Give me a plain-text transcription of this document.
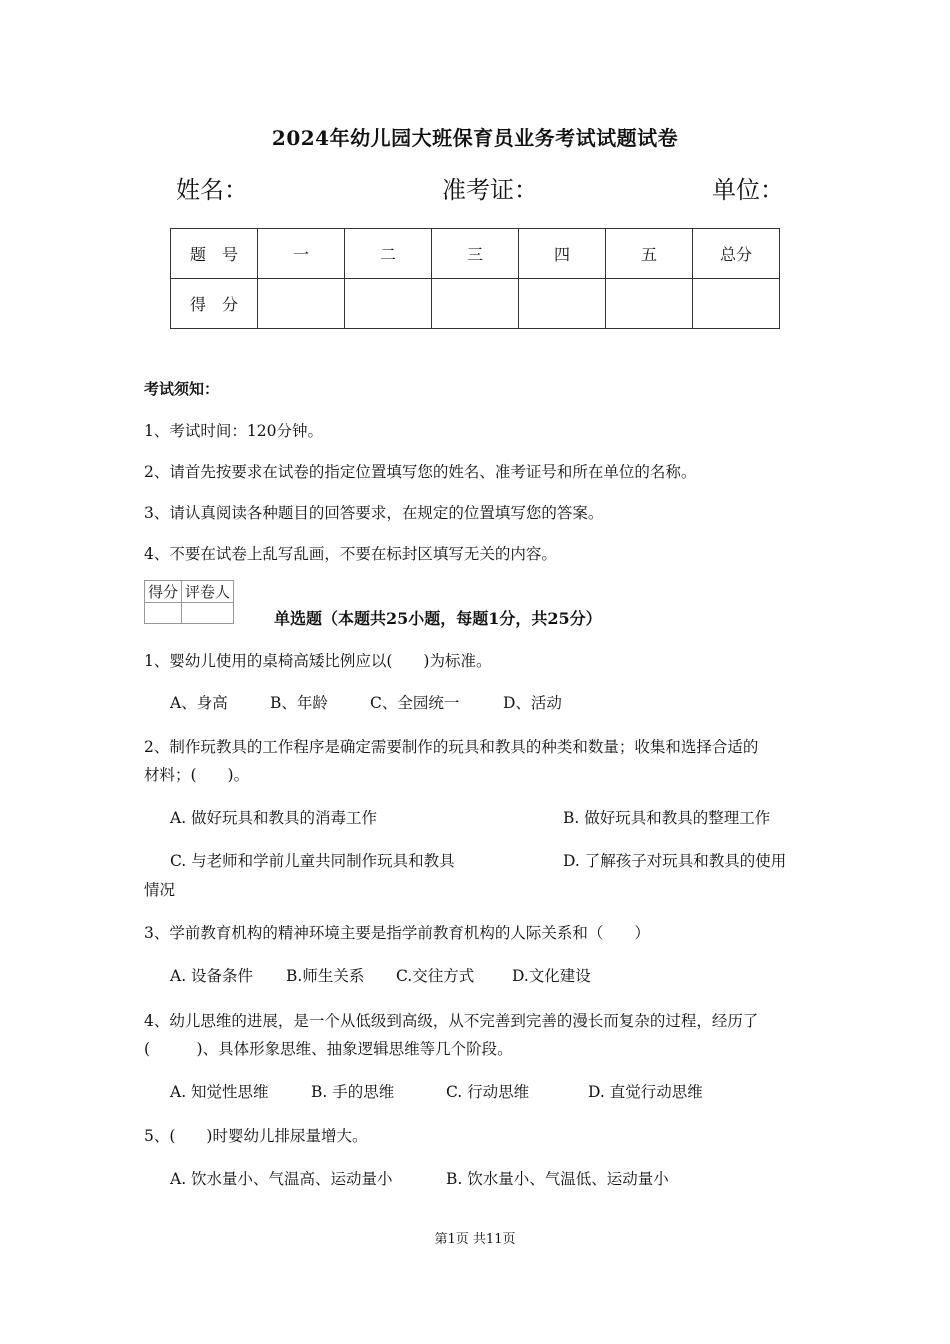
2024年幼儿园大班保育员业务考试试题试卷
姓名：	准考证：	单位：
题　号	一	二	三	四	五	总分
得　分						
考试须知：
1、考试时间：120分钟。
2、请首先按要求在试卷的指定位置填写您的姓名、准考证号和所在单位的名称。
3、请认真阅读各种题目的回答要求，在规定的位置填写您的答案。
4、不要在试卷上乱写乱画，不要在标封区填写无关的内容。
得分	评卷人

单选题（本题共25小题，每题1分，共25分）
1、婴幼儿使用的桌椅高矮比例应以(　　)为标准。
A、身高	B、年龄	C、全园统一	D、活动
2、制作玩教具的工作程序是确定需要制作的玩具和教具的种类和数量；收集和选择合适的
材料；(　　)。
A. 做好玩具和教具的消毒工作	B. 做好玩具和教具的整理工作
C. 与老师和学前儿童共同制作玩具和教具	D. 了解孩子对玩具和教具的使用
情况
3、学前教育机构的精神环境主要是指学前教育机构的人际关系和（　　）
A. 设备条件 B.师生关系 C.交往方式 D.文化建设
4、幼儿思维的进展，是一个从低级到高级，从不完善到完善的漫长而复杂的过程，经历了
(　　　)、具体形象思维、抽象逻辑思维等几个阶段。
A. 知觉性思维	B. 手的思维	C. 行动思维	D. 直觉行动思维
5、(　　)时婴幼儿排尿量增大。
A. 饮水量小、气温高、运动量小	B. 饮水量小、气温低、运动量小
第1页 共11页
